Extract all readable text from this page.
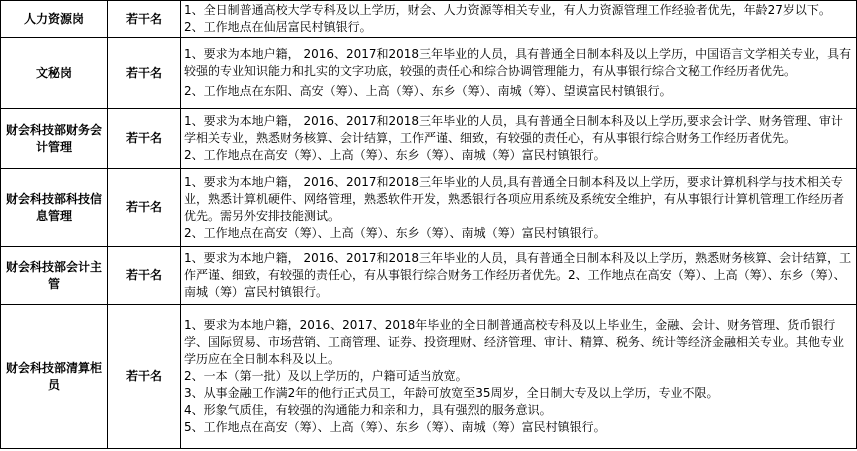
人力资源岗	若干名	1、全日制普通高校大学专科及以上学历，财会、人力资源等相关专业，有人力资源管理工作经验者优先，年龄27岁以下。
2、工作地点在仙居富民村镇银行。

文秘岗	若干名	1、要求为本地户籍， 2016、2017和2018三年毕业的人员，具有普通全日制本科及以上学历，中国语言文学相关专业，具有较强的专业知识能力和扎实的文字功底，较强的责任心和综合协调管理能力，有从事银行综合文秘工作经历者优先。
2、工作地点在东阳、高安（筹）、上高（筹）、东乡（筹）、南城（筹）、望谟富民村镇银行。

财会科技部财务会计管理	若干名	1、要求为本地户籍， 2016、2017和2018三年毕业的人员，具有普通全日制本科及以上学历,要求会计学、财务管理、审计学相关专业，熟悉财务核算、会计结算，工作严谨、细致，有较强的责任心，有从事银行综合财务工作经历者优先。
2、工作地点在高安（筹）、上高（筹）、东乡（筹）、南城（筹）富民村镇银行。

财会科技部科技信息管理	若干名	1、要求为本地户籍， 2016、2017和2018三年毕业的人员,具有普通全日制本科及以上学历，要求计算机科学与技术相关专业，熟悉计算机硬件、网络管理，熟悉软件开发，熟悉银行各项应用系统及系统安全维护，有从事银行计算机管理工作经历者优先。需另外安排技能测试。
2、工作地点在高安（筹）、上高（筹）、东乡（筹）、南城（筹）富民村镇银行。

财会科技部会计主管	若干名	1、要求为本地户籍， 2016、2017和2018三年毕业的人员，具有普通全日制本科及以上学历，熟悉财务核算、会计结算，工作严谨、细致，有较强的责任心，有从事银行综合财务工作经历者优先。2、工作地点在高安（筹）、上高（筹）、东乡（筹）、南城（筹）富民村镇银行。

财会科技部清算柜员	若干名	1、要求为本地户籍，2016、2017、2018年毕业的全日制普通高校专科及以上毕业生，金融、会计、财务管理、货币银行学、国际贸易、市场营销、工商管理、证券、投资理财、经济管理、审计、精算、税务、统计等经济金融相关专业。其他专业学历应在全日制本科及以上。
2、一本（第一批）及以上学历的，户籍可适当放宽。
3、从事金融工作满2年的他行正式员工，年龄可放宽至35周岁，全日制大专及以上学历，专业不限。
4、形象气质佳，有较强的沟通能力和亲和力，具有强烈的服务意识。
5、工作地点在高安（筹）、上高（筹）、东乡（筹）、南城（筹）富民村镇银行。
